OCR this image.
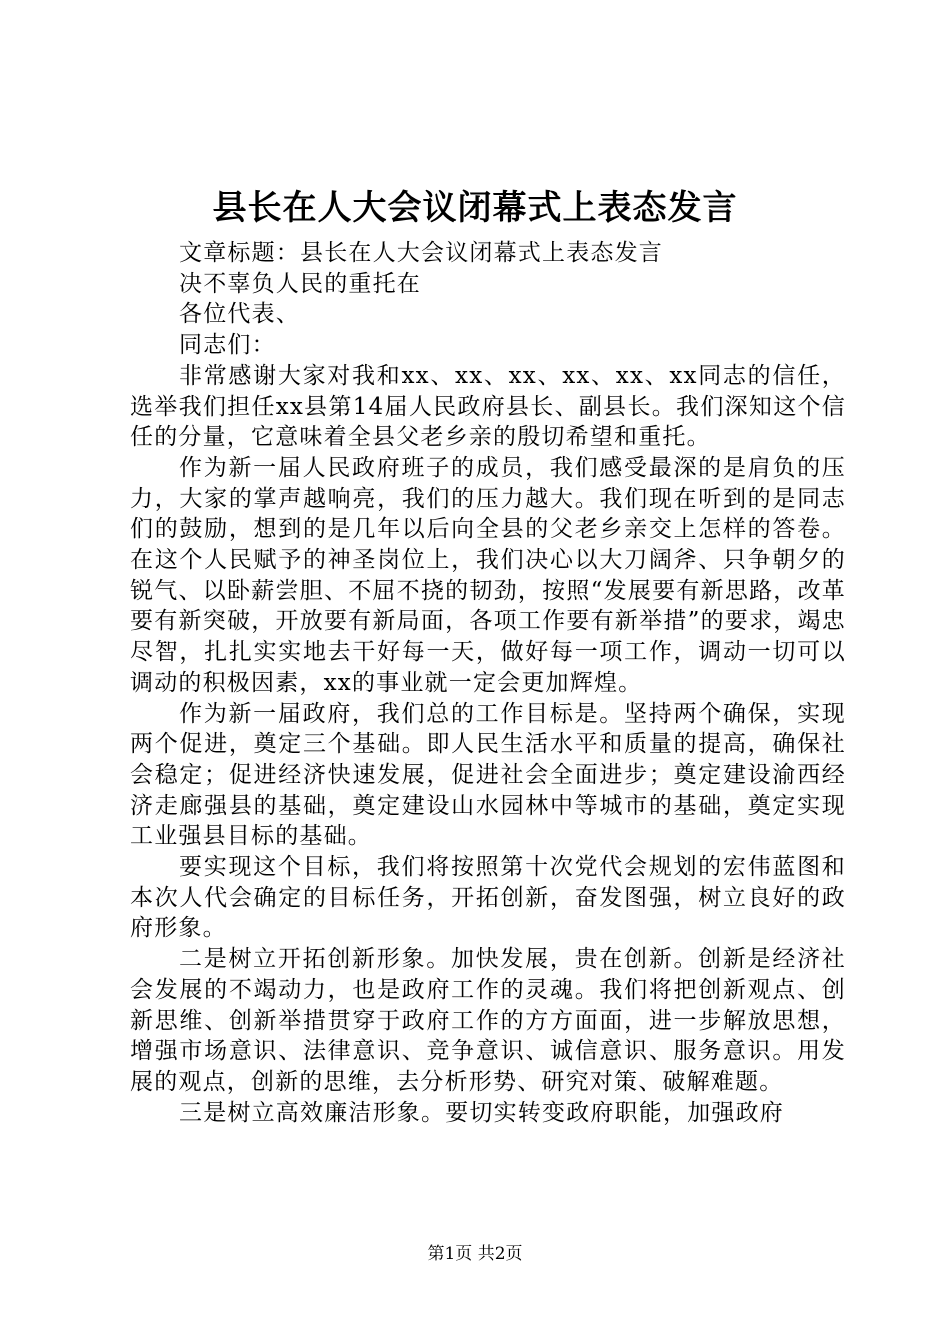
县长在人大会议闭幕式上表态发言
文章标题：县长在人大会议闭幕式上表态发言
决不辜负人民的重托在
各位代表、
同志们：

非常感谢大家对我和xx、xx、xx、xx、xx、xx同志的信任，选举我们担任xx县第14届人民政府县长、副县长。我们深知这个信任的分量，它意味着全县父老乡亲的殷切希望和重托。

作为新一届人民政府班子的成员，我们感受最深的是肩负的压力，大家的掌声越响亮，我们的压力越大。我们现在听到的是同志们的鼓励，想到的是几年以后向全县的父老乡亲交上怎样的答卷。在这个人民赋予的神圣岗位上，我们决心以大刀阔斧、只争朝夕的锐气、以卧薪尝胆、不屈不挠的韧劲，按照“发展要有新思路，改革要有新突破，开放要有新局面，各项工作要有新举措”的要求，竭忠尽智，扎扎实实地去干好每一天，做好每一项工作，调动一切可以调动的积极因素，xx的事业就一定会更加辉煌。

作为新一届政府，我们总的工作目标是。坚持两个确保，实现两个促进，奠定三个基础。即人民生活水平和质量的提高，确保社会稳定；促进经济快速发展，促进社会全面进步；奠定建设渝西经济走廊强县的基础，奠定建设山水园林中等城市的基础，奠定实现工业强县目标的基础。

要实现这个目标，我们将按照第十次党代会规划的宏伟蓝图和本次人代会确定的目标任务，开拓创新，奋发图强，树立良好的政府形象。

二是树立开拓创新形象。加快发展，贵在创新。创新是经济社会发展的不竭动力，也是政府工作的灵魂。我们将把创新观点、创新思维、创新举措贯穿于政府工作的方方面面，进一步解放思想，增强市场意识、法律意识、竞争意识、诚信意识、服务意识。用发展的观点，创新的思维，去分析形势、研究对策、破解难题。

三是树立高效廉洁形象。要切实转变政府职能，加强政府

第1页 共2页
